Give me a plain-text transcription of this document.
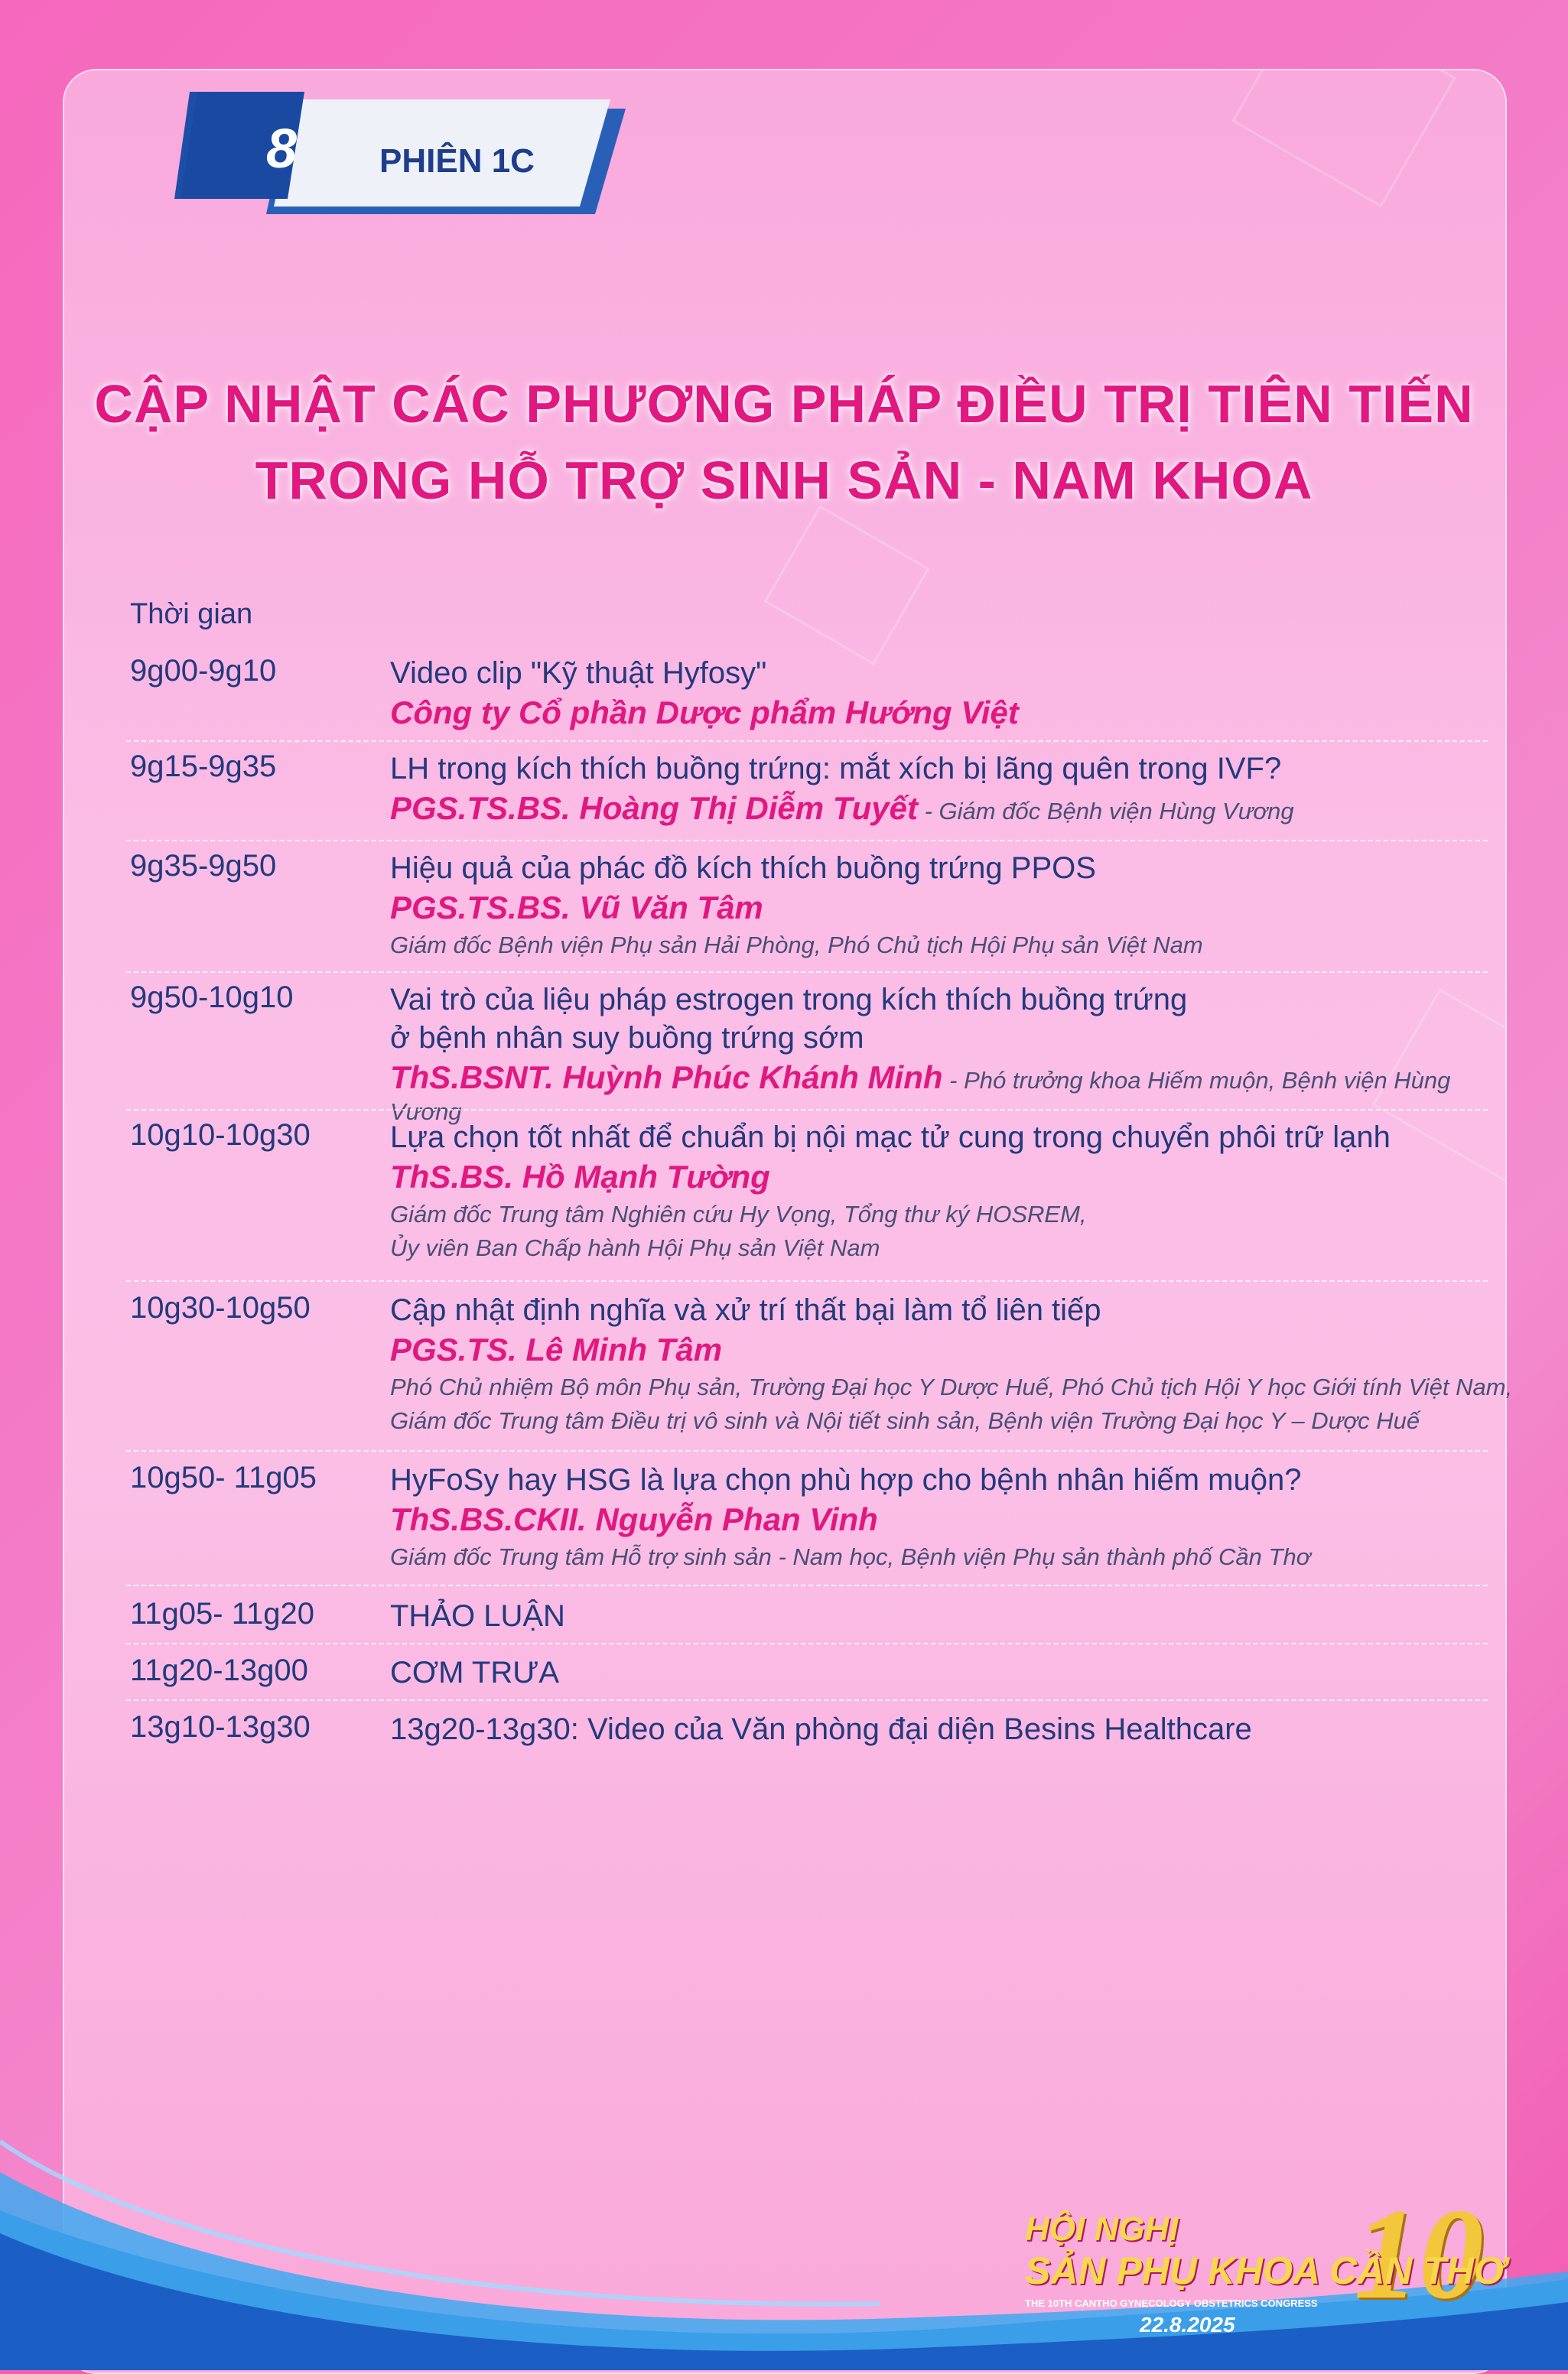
8	PHIÊN 1C
CẬP NHẬT CÁC PHƯƠNG PHÁP ĐIỀU TRỊ TIÊN TIẾN
TRONG HỖ TRỢ SINH SẢN - NAM KHOA
Thời gian
9g00-9g10	Video clip "Kỹ thuật Hyfosy"
Công ty Cổ phần Dược phẩm Hướng Việt
9g15-9g35	LH trong kích thích buồng trứng: mắt xích bị lãng quên trong IVF?
PGS.TS.BS. Hoàng Thị Diễm Tuyết - Giám đốc Bệnh viện Hùng Vương
9g35-9g50	Hiệu quả của phác đồ kích thích buồng trứng PPOS
PGS.TS.BS. Vũ Văn Tâm
Giám đốc Bệnh viện Phụ sản Hải Phòng, Phó Chủ tịch Hội Phụ sản Việt Nam
9g50-10g10	Vai trò của liệu pháp estrogen trong kích thích buồng trứng
ở bệnh nhân suy buồng trứng sớm
ThS.BSNT. Huỳnh Phúc Khánh Minh - Phó trưởng khoa Hiếm muộn, Bệnh viện Hùng Vương
10g10-10g30	Lựa chọn tốt nhất để chuẩn bị nội mạc tử cung trong chuyển phôi trữ lạnh
ThS.BS. Hồ Mạnh Tường
Giám đốc Trung tâm Nghiên cứu Hy Vọng, Tổng thư ký HOSREM,
Ủy viên Ban Chấp hành Hội Phụ sản Việt Nam
10g30-10g50	Cập nhật định nghĩa và xử trí thất bại làm tổ liên tiếp
PGS.TS. Lê Minh Tâm
Phó Chủ nhiệm Bộ môn Phụ sản, Trường Đại học Y Dược Huế, Phó Chủ tịch Hội Y học Giới tính Việt Nam,
Giám đốc Trung tâm Điều trị vô sinh và Nội tiết sinh sản, Bệnh viện Trường Đại học Y – Dược Huế
10g50- 11g05 HyFoSy hay HSG là lựa chọn phù hợp cho bệnh nhân hiếm muộn?
ThS.BS.CKII. Nguyễn Phan Vinh
Giám đốc Trung tâm Hỗ trợ sinh sản - Nam học, Bệnh viện Phụ sản thành phố Cần Thơ
11g05- 11g20 THẢO LUẬN
11g20-13g00	CƠM TRƯA
13g10-13g30	13g20-13g30: Video của Văn phòng đại diện Besins Healthcare
10
HỘI NGHỊ
SẢN PHỤ KHOA CẦN THƠ
THE 10TH CANTHO GYNECOLOGY OBSTETRICS CONGRESS
22.8.2025
